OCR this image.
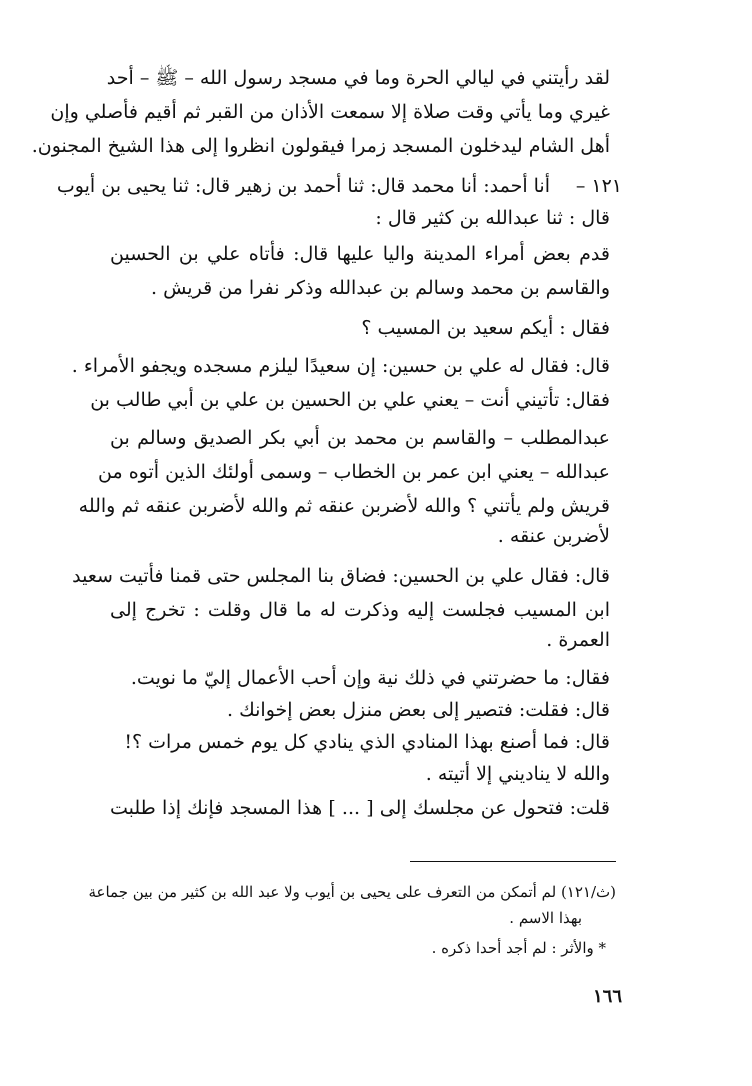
لقد رأيتني في ليالي الحرة وما في مسجد رسول الله – ﷺ – أحد
غيري وما يأتي وقت صلاة إلا سمعت الأذان من القبر ثم أقيم فأصلي وإن
أهل الشام ليدخلون المسجد زمرا فيقولون انظروا إلى هذا الشيخ المجنون.
١٢١ –
أنا أحمد: أنا محمد قال: ثنا أحمد بن زهير قال: ثنا يحيى بن أيوب
قال : ثنا عبدالله بن كثير قال :
قدم بعض أمراء المدينة واليا عليها قال: فأتاه علي بن الحسين
والقاسم بن محمد وسالم بن عبدالله وذكر نفرا من قريش .
فقال : أيكم سعيد بن المسيب ؟
قال: فقال له علي بن حسين: إن سعيدًا ليلزم مسجده ويجفو الأمراء .
فقال: تأتيني أنت – يعني علي بن الحسين بن علي بن أبي طالب بن
عبدالمطلب – والقاسم بن محمد بن أبي بكر الصديق وسالم بن
عبدالله – يعني ابن عمر بن الخطاب – وسمى أولئك الذين أتوه من
قريش ولم يأتني ؟ والله لأضربن عنقه ثم والله لأضربن عنقه ثم والله
لأضربن عنقه .
قال: فقال علي بن الحسين: فضاق بنا المجلس حتى قمنا فأتيت سعيد
ابن المسيب فجلست إليه وذكرت له ما قال وقلت : تخرج إلى
العمرة .
فقال: ما حضرتني في ذلك نية وإن أحب الأعمال إليّ ما نويت.
قال: فقلت: فتصير إلى بعض منزل بعض إخوانك .
قال: فما أصنع بهذا المنادي الذي ينادي كل يوم خمس مرات ؟!
والله لا يناديني إلا أتيته .
قلت: فتحول عن مجلسك إلى [ ... ] هذا المسجد فإنك إذا طلبت
(ث/١٢١) لم أتمكن من التعرف على يحيى بن أيوب ولا عبد الله بن كثير من بين جماعة
بهذا الاسم .
* والأثر : لم أجد أحدا ذكره .
١٦٦
